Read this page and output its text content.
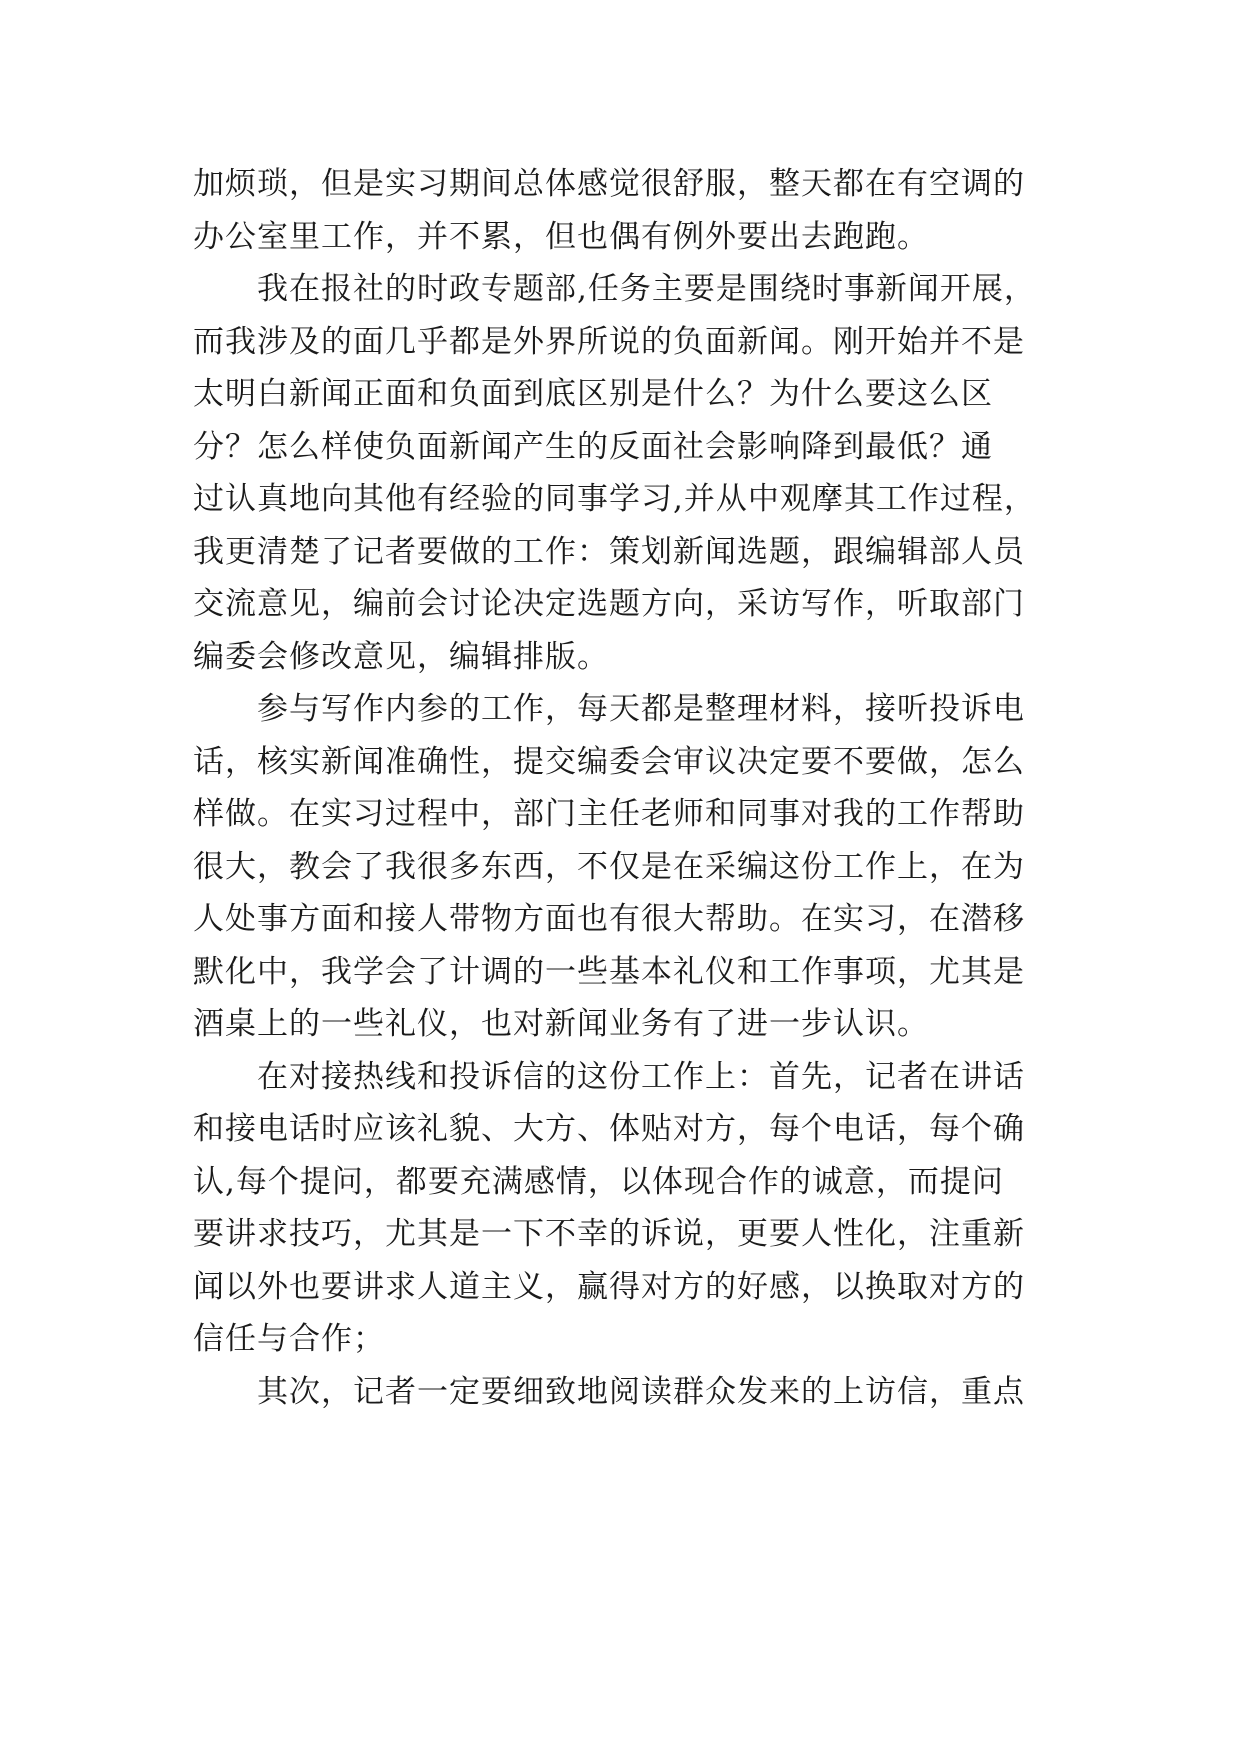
加烦琐，但是实习期间总体感觉很舒服，整天都在有空调的
办公室里工作，并不累，但也偶有例外要出去跑跑。
我在报社的时政专题部,任务主要是围绕时事新闻开展，
而我涉及的面几乎都是外界所说的负面新闻。刚开始并不是
太明白新闻正面和负面到底区别是什么？为什么要这么区
分？怎么样使负面新闻产生的反面社会影响降到最低？通
过认真地向其他有经验的同事学习,并从中观摩其工作过程，
我更清楚了记者要做的工作：策划新闻选题，跟编辑部人员
交流意见，编前会讨论决定选题方向，采访写作，听取部门
编委会修改意见，编辑排版。
参与写作内参的工作，每天都是整理材料，接听投诉电
话，核实新闻准确性，提交编委会审议决定要不要做，怎么
样做。在实习过程中，部门主任老师和同事对我的工作帮助
很大，教会了我很多东西，不仅是在采编这份工作上，在为
人处事方面和接人带物方面也有很大帮助。在实习，在潜移
默化中，我学会了计调的一些基本礼仪和工作事项，尤其是
酒桌上的一些礼仪，也对新闻业务有了进一步认识。
在对接热线和投诉信的这份工作上：首先，记者在讲话
和接电话时应该礼貌、大方、体贴对方，每个电话，每个确
认,每个提问，都要充满感情，以体现合作的诚意，而提问
要讲求技巧，尤其是一下不幸的诉说，更要人性化，注重新
闻以外也要讲求人道主义，赢得对方的好感，以换取对方的
信任与合作；
其次，记者一定要细致地阅读群众发来的上访信，重点
